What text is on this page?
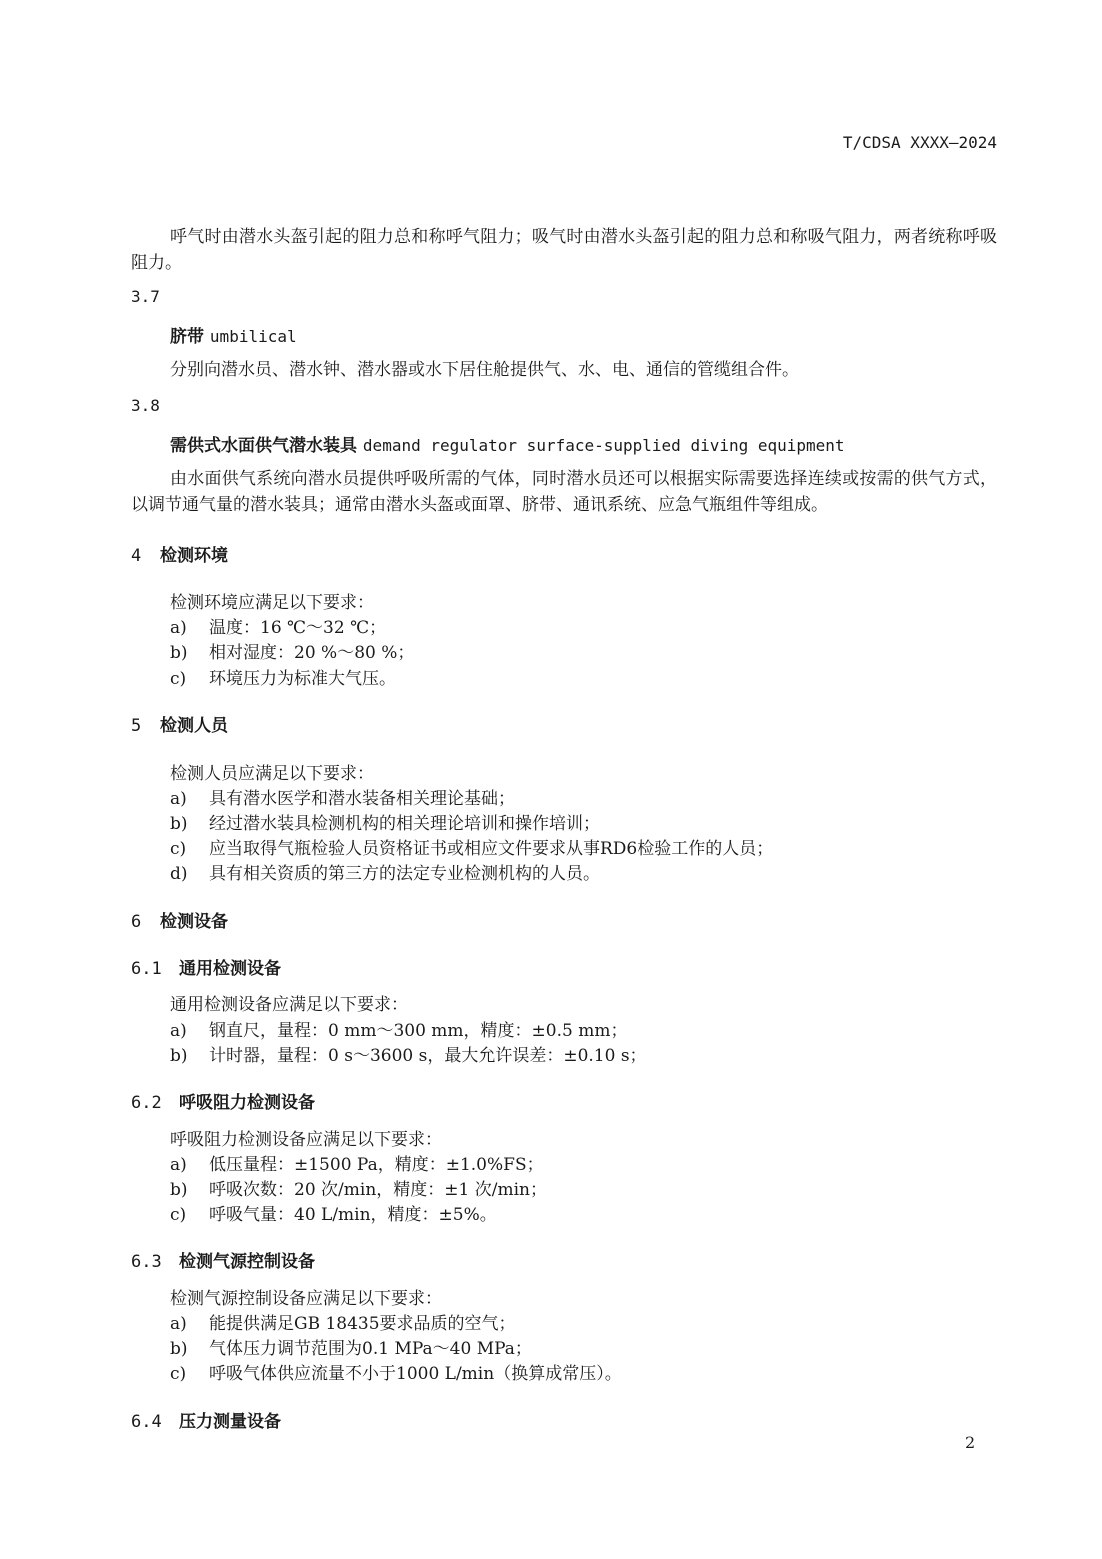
T/CDSA XXXX—2024
呼气时由潜水头盔引起的阻力总和称呼气阻力；吸气时由潜水头盔引起的阻力总和称吸气阻力，两者统称呼吸阻力。
3.7
脐带 umbilical
分别向潜水员、潜水钟、潜水器或水下居住舱提供气、水、电、通信的管缆组合件。
3.8
需供式水面供气潜水装具 demand regulator surface-supplied diving equipment
由水面供气系统向潜水员提供呼吸所需的气体，同时潜水员还可以根据实际需要选择连续或按需的供气方式，以调节通气量的潜水装具；通常由潜水头盔或面罩、脐带、通讯系统、应急气瓶组件等组成。
4 检测环境
检测环境应满足以下要求：
a) 温度：16 ℃～32 ℃；
b) 相对湿度：20 %～80 %；
c) 环境压力为标准大气压。
5 检测人员
检测人员应满足以下要求：
a) 具有潜水医学和潜水装备相关理论基础；
b) 经过潜水装具检测机构的相关理论培训和操作培训；
c) 应当取得气瓶检验人员资格证书或相应文件要求从事RD6检验工作的人员；
d) 具有相关资质的第三方的法定专业检测机构的人员。
6 检测设备
6.1 通用检测设备
通用检测设备应满足以下要求：
a) 钢直尺，量程：0 mm～300 mm，精度：±0.5 mm；
b) 计时器，量程：0 s～3600 s，最大允许误差：±0.10 s；
6.2 呼吸阻力检测设备
呼吸阻力检测设备应满足以下要求：
a) 低压量程：±1500 Pa，精度：±1.0%FS；
b) 呼吸次数：20 次/min，精度：±1 次/min；
c) 呼吸气量：40 L/min，精度：±5%。
6.3 检测气源控制设备
检测气源控制设备应满足以下要求：
a) 能提供满足GB 18435要求品质的空气；
b) 气体压力调节范围为0.1 MPa～40 MPa；
c) 呼吸气体供应流量不小于1000 L/min（换算成常压）。
6.4 压力测量设备
2
